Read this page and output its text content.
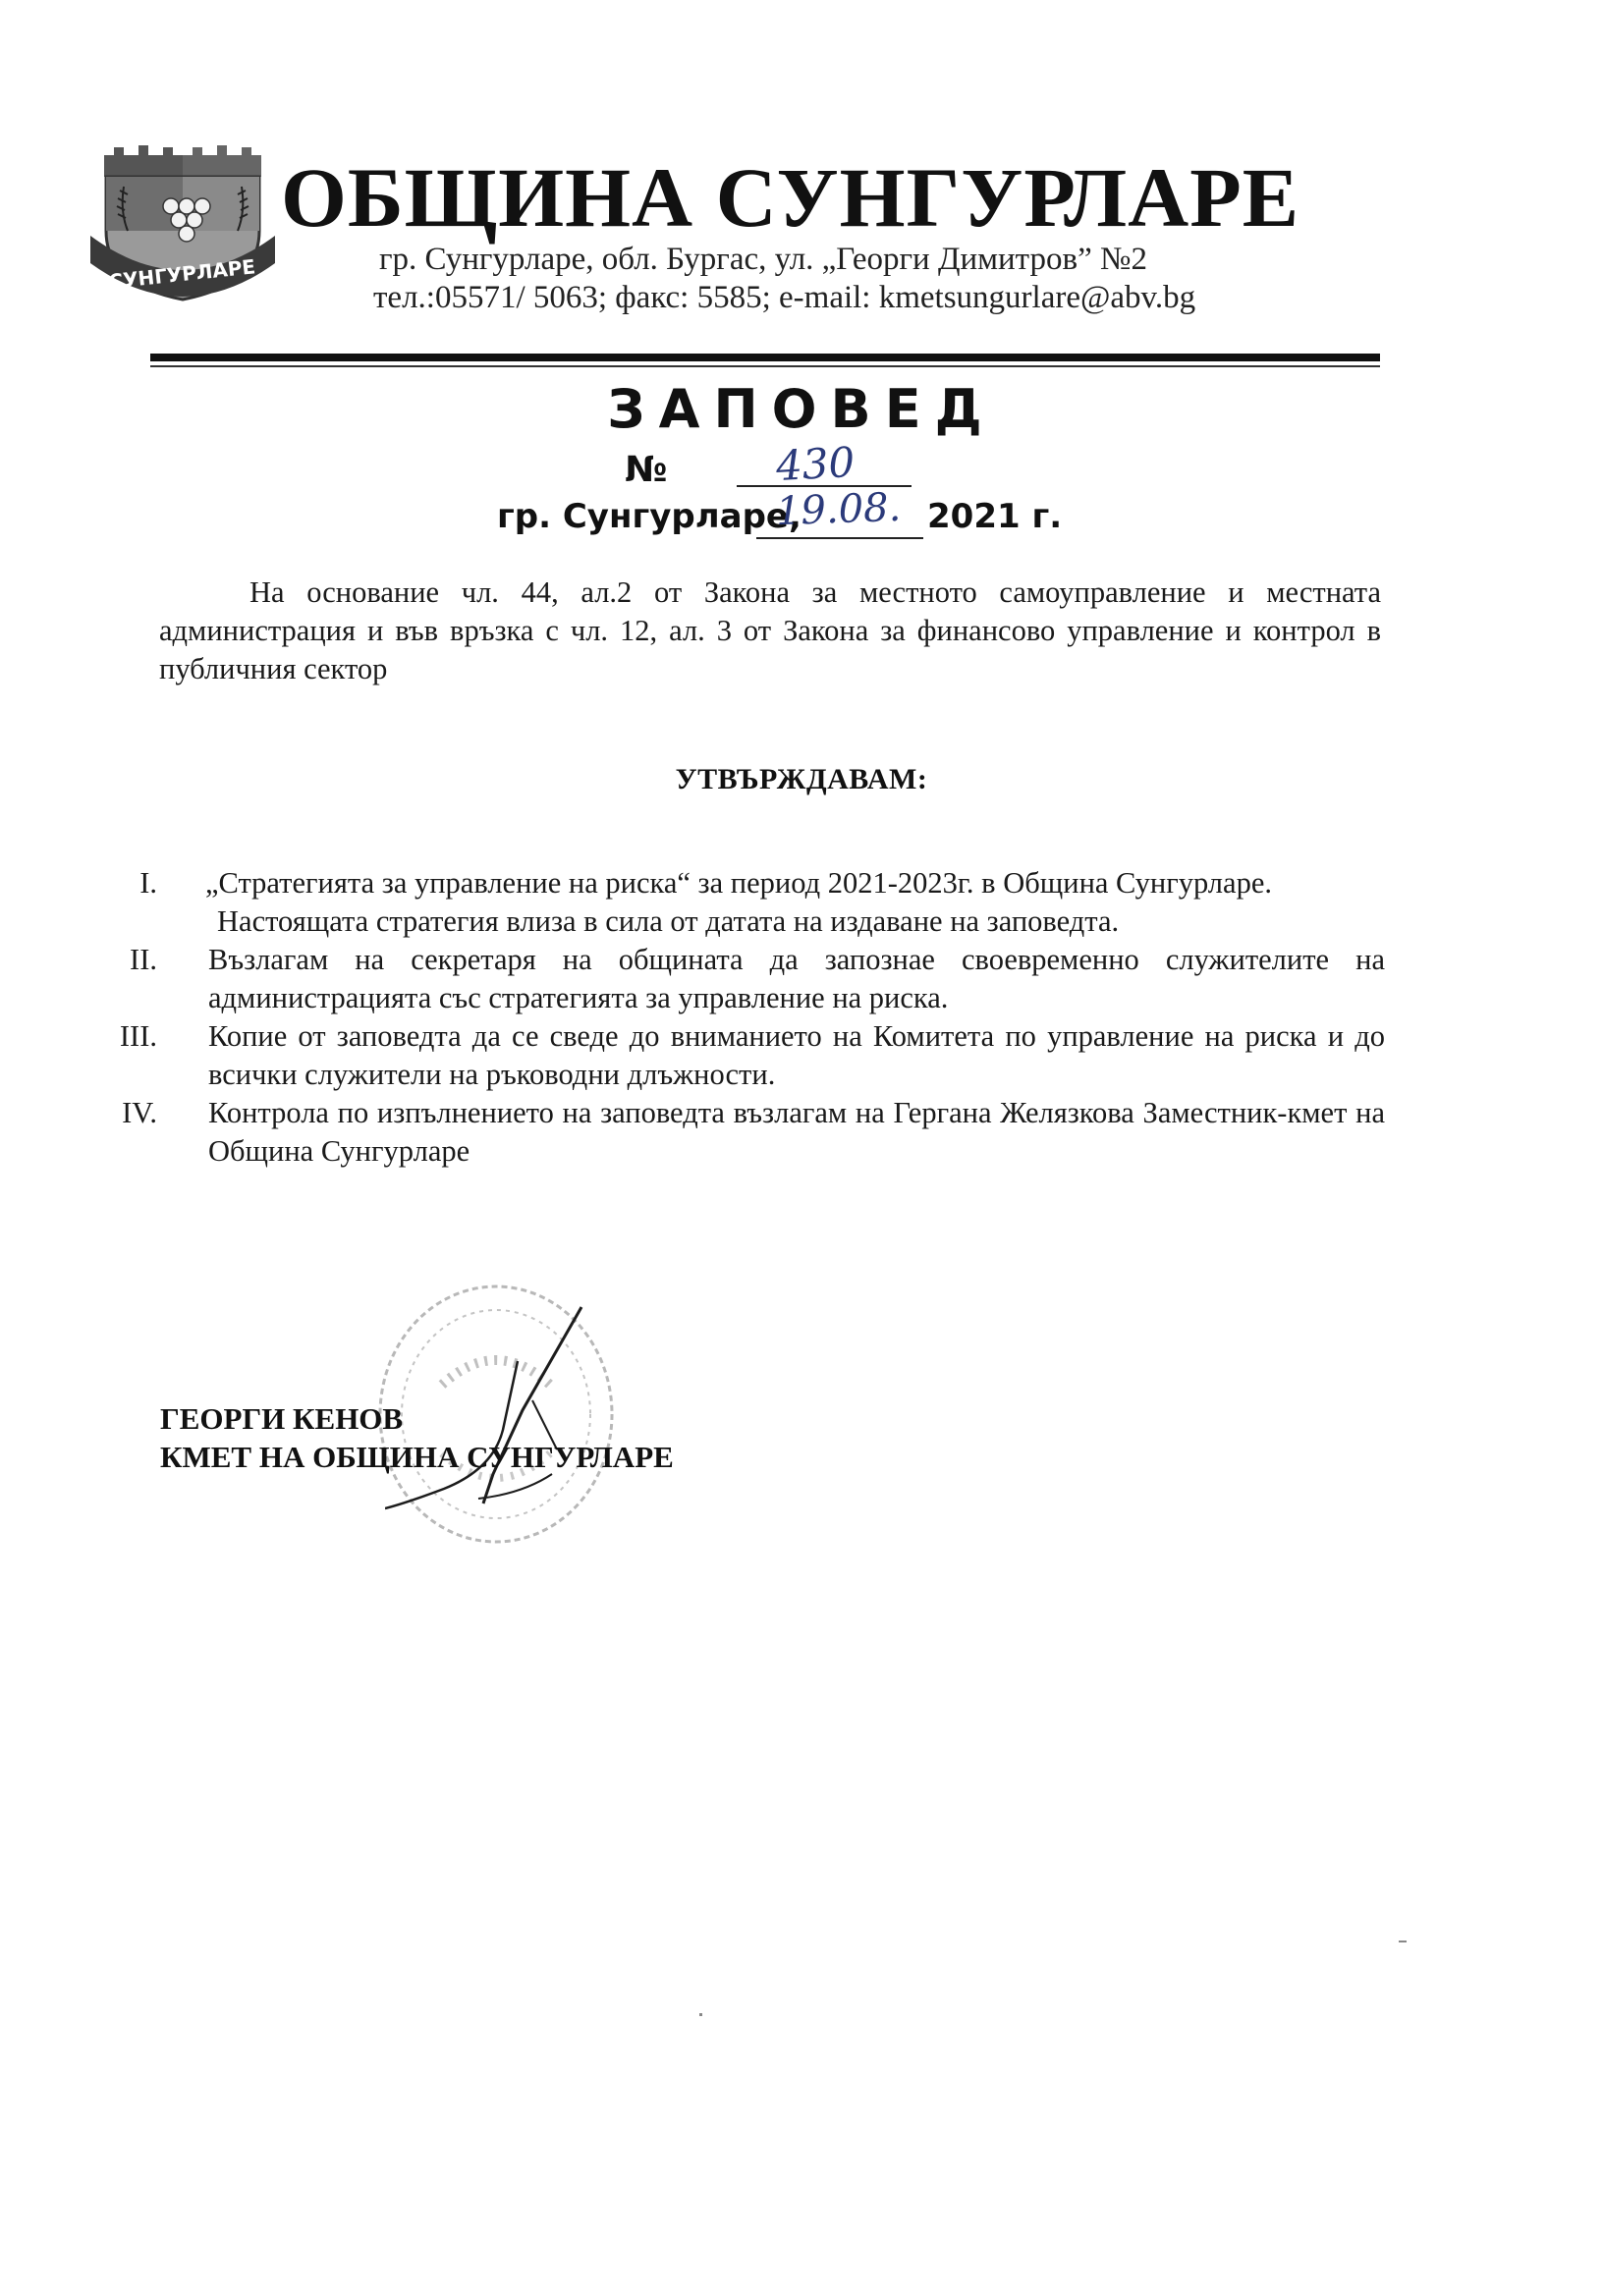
СУНГУРЛАРЕ
ОБЩИНА СУНГУРЛАРЕ
гр. Сунгурларе, обл. Бургас, ул. „Георги Димитров” №2
тел.:05571/ 5063; факс: 5585; e-mail: kmetsungurlare@abv.bg
ЗАПОВЕД
№	430
гр. Сунгурларе,
19.08. 2021 г.
На основание чл. 44, ал.2 от Закона за местното самоуправление и местната администрация и във връзка с чл. 12, ал. 3 от Закона за финансово управление и контрол в публичния сектор
УТВЪРЖДАВАМ:
I. „Стратегията за управление на риска“ за период 2021-2023г. в Община Сунгурларе.
Настоящата стратегия влиза в сила от датата на издаване на заповедта.
II. Възлагам на секретаря на общината да запознае своевременно служителите на администрацията със стратегията за управление на риска.
III. Копие от заповедта да се сведе до вниманието на Комитета по управление на риска и до всички служители на ръководни длъжности.
IV. Контрола по изпълнението на заповедта възлагам на Гергана Желязкова Заместник-кмет на Община Сунгурларе
ГЕОРГИ КЕНОВ
КМЕТ НА ОБЩИНА СУНГУРЛАРЕ
